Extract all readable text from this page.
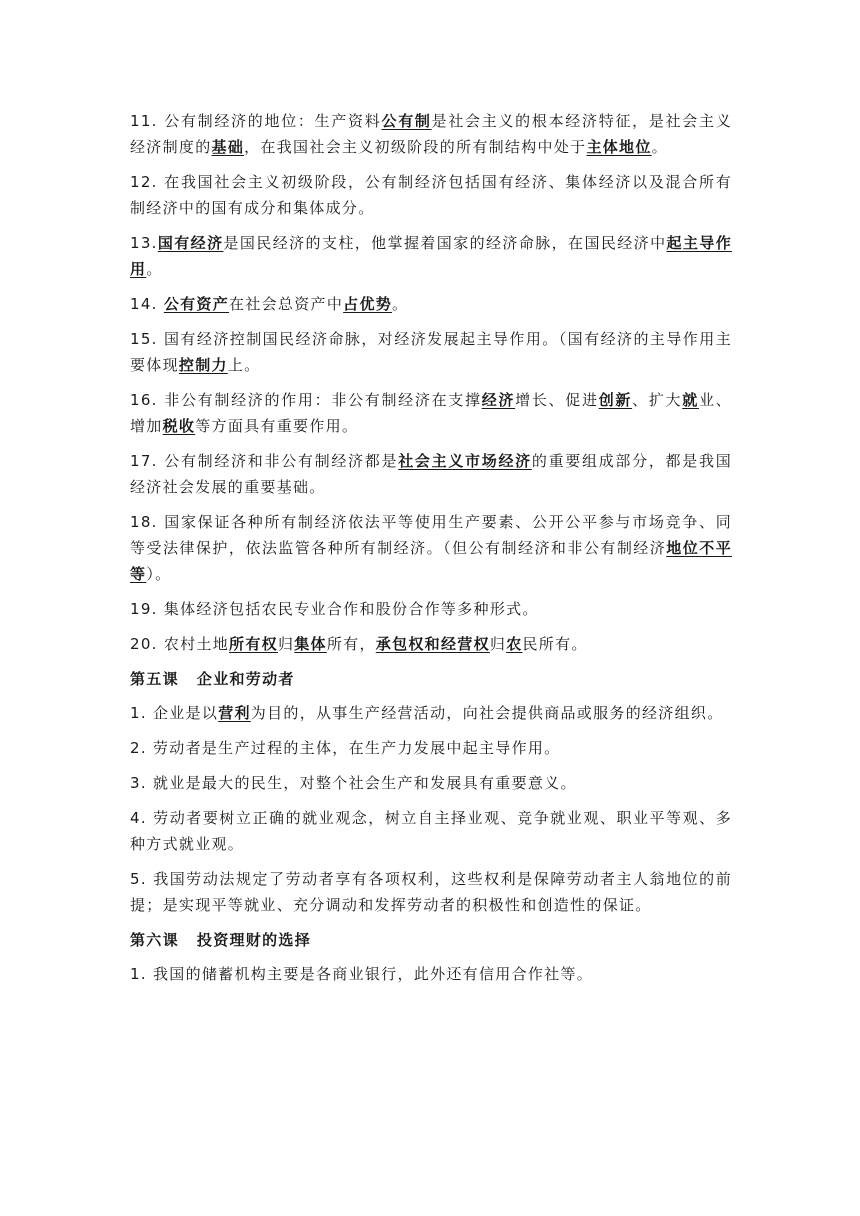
11. 公有制经济的地位：生产资料公有制是社会主义的根本经济特征，是社会主义经济制度的基础，在我国社会主义初级阶段的所有制结构中处于主体地位。

12. 在我国社会主义初级阶段，公有制经济包括国有经济、集体经济以及混合所有制经济中的国有成分和集体成分。

13.国有经济是国民经济的支柱，他掌握着国家的经济命脉，在国民经济中起主导作用。

14. 公有资产在社会总资产中占优势。

15. 国有经济控制国民经济命脉，对经济发展起主导作用。（国有经济的主导作用主要体现控制力上。

16. 非公有制经济的作用：非公有制经济在支撑经济增长、促进创新、扩大就业、增加税收等方面具有重要作用。

17. 公有制经济和非公有制经济都是社会主义市场经济的重要组成部分，都是我国经济社会发展的重要基础。

18. 国家保证各种所有制经济依法平等使用生产要素、公开公平参与市场竞争、同等受法律保护，依法监管各种所有制经济。（但公有制经济和非公有制经济地位不平等）。

19. 集体经济包括农民专业合作和股份合作等多种形式。

20. 农村土地所有权归集体所有，承包权和经营权归农民所有。

第五课 企业和劳动者

1. 企业是以营利为目的，从事生产经营活动，向社会提供商品或服务的经济组织。

2. 劳动者是生产过程的主体，在生产力发展中起主导作用。

3. 就业是最大的民生，对整个社会生产和发展具有重要意义。

4. 劳动者要树立正确的就业观念，树立自主择业观、竞争就业观、职业平等观、多种方式就业观。

5. 我国劳动法规定了劳动者享有各项权利，这些权利是保障劳动者主人翁地位的前提；是实现平等就业、充分调动和发挥劳动者的积极性和创造性的保证。

第六课 投资理财的选择

1. 我国的储蓄机构主要是各商业银行，此外还有信用合作社等。
